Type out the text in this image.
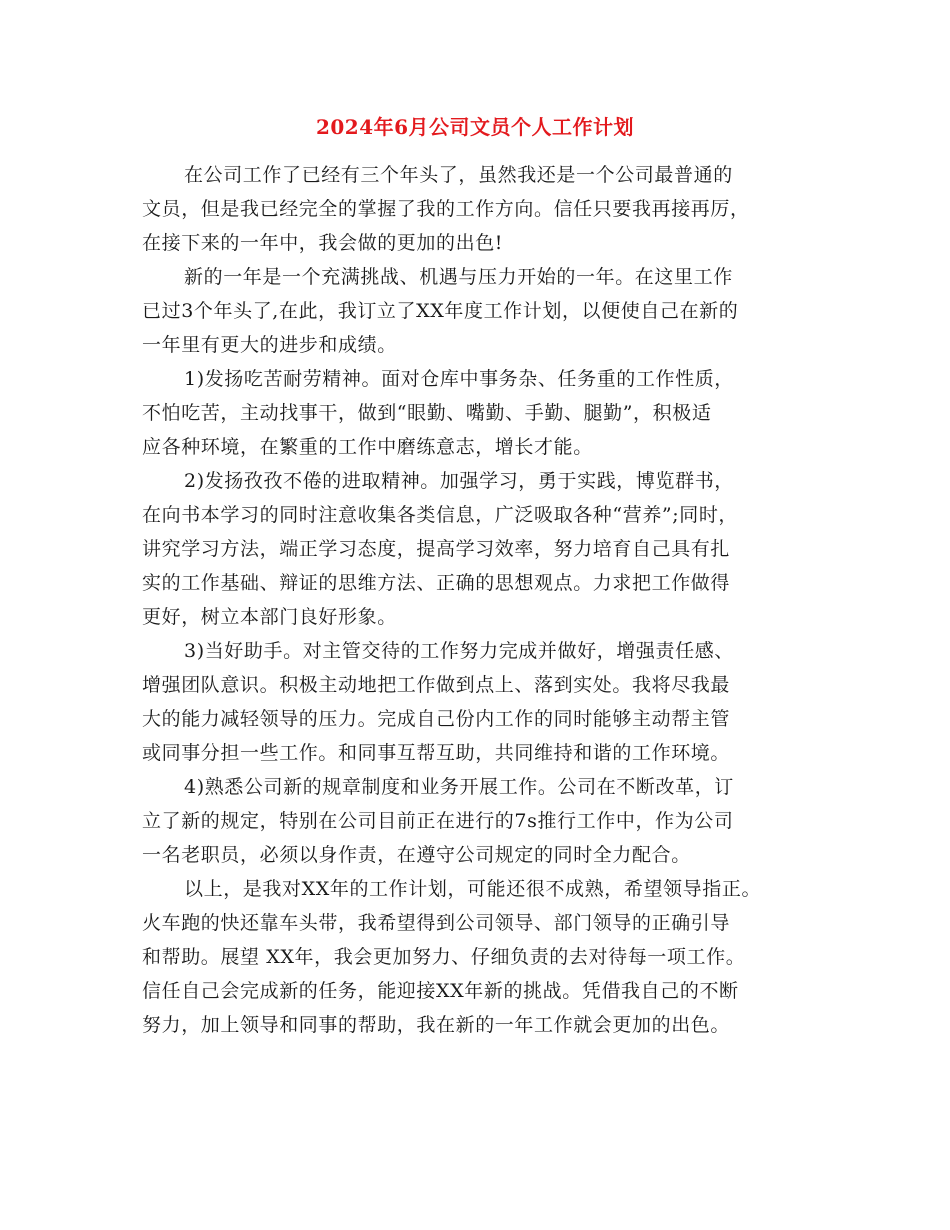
2024年6月公司文员个人工作计划
在公司工作了已经有三个年头了，虽然我还是一个公司最普通的
文员，但是我已经完全的掌握了我的工作方向。信任只要我再接再厉，
在接下来的一年中，我会做的更加的出色!
新的一年是一个充满挑战、机遇与压力开始的一年。在这里工作
已过3个年头了,在此，我订立了XX年度工作计划，以便使自己在新的
一年里有更大的进步和成绩。
1)发扬吃苦耐劳精神。面对仓库中事务杂、任务重的工作性质，
不怕吃苦，主动找事干，做到“眼勤、嘴勤、手勤、腿勤”，积极适
应各种环境，在繁重的工作中磨练意志，增长才能。
2)发扬孜孜不倦的进取精神。加强学习，勇于实践，博览群书，
在向书本学习的同时注意收集各类信息，广泛吸取各种“营养”;同时，
讲究学习方法，端正学习态度，提高学习效率，努力培育自己具有扎
实的工作基础、辩证的思维方法、正确的思想观点。力求把工作做得
更好，树立本部门良好形象。
3)当好助手。对主管交待的工作努力完成并做好，增强责任感、
增强团队意识。积极主动地把工作做到点上、落到实处。我将尽我最
大的能力减轻领导的压力。完成自己份内工作的同时能够主动帮主管
或同事分担一些工作。和同事互帮互助，共同维持和谐的工作环境。
4)熟悉公司新的规章制度和业务开展工作。公司在不断改革，订
立了新的规定，特别在公司目前正在进行的7s推行工作中，作为公司
一名老职员，必须以身作责，在遵守公司规定的同时全力配合。
以上，是我对XX年的工作计划，可能还很不成熟，希望领导指正。
火车跑的快还靠车头带，我希望得到公司领导、部门领导的正确引导
和帮助。展望 XX年，我会更加努力、仔细负责的去对待每一项工作。
信任自己会完成新的任务，能迎接XX年新的挑战。凭借我自己的不断
努力，加上领导和同事的帮助，我在新的一年工作就会更加的出色。
